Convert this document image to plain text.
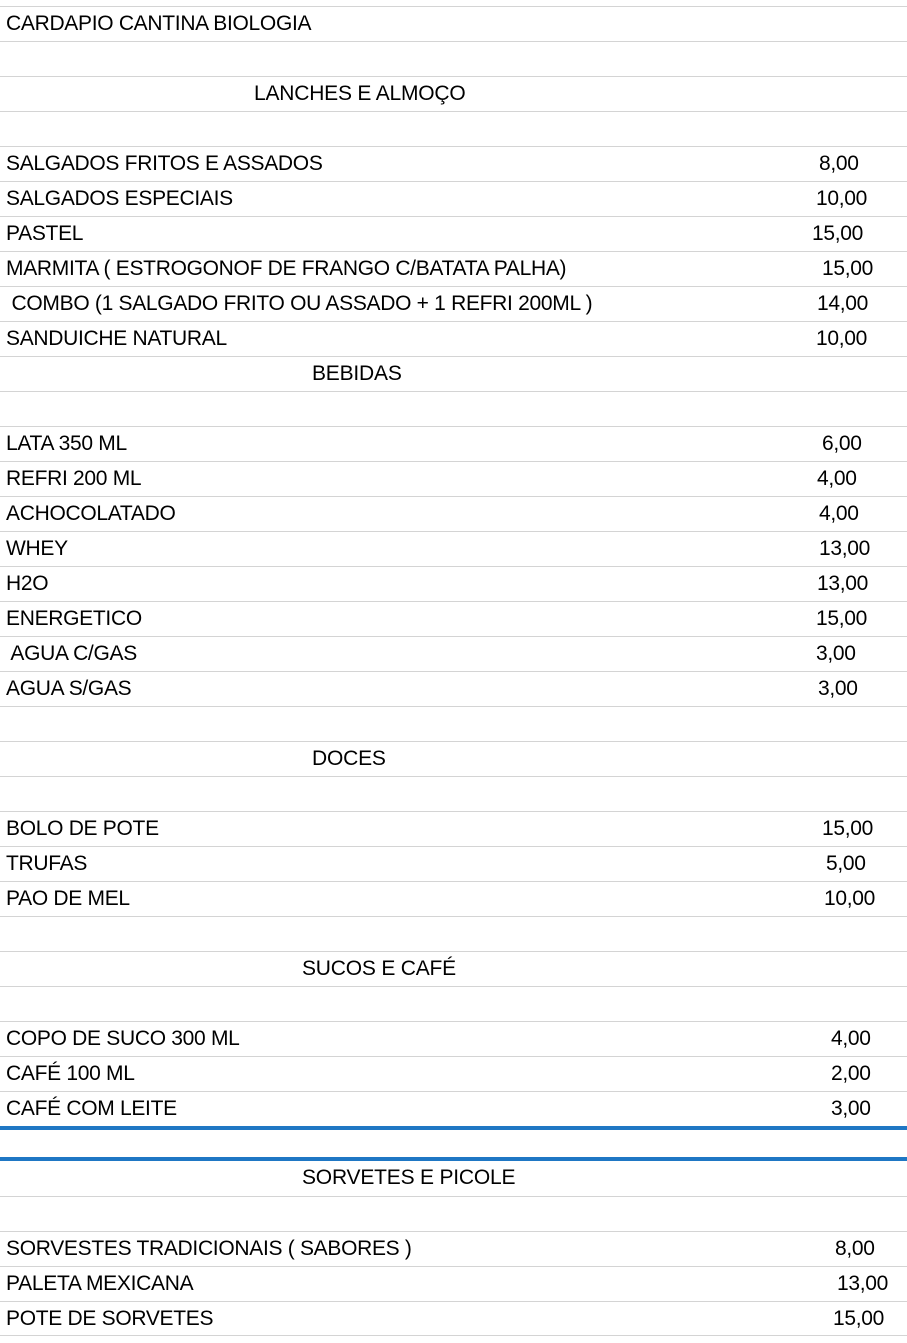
CARDAPIO CANTINA BIOLOGIA
LANCHES E ALMOÇO
SALGADOS FRITOS E ASSADOS	8,00
SALGADOS ESPECIAIS	10,00
PASTEL	15,00
MARMITA ( ESTROGONOF DE FRANGO C/BATATA PALHA)	15,00
COMBO (1 SALGADO FRITO OU ASSADO + 1 REFRI 200ML )	14,00
SANDUICHE NATURAL	10,00
BEBIDAS
LATA 350 ML	6,00
REFRI 200 ML	4,00
ACHOCOLATADO	4,00
WHEY	13,00
H2O	13,00
ENERGETICO	15,00
AGUA C/GAS	3,00
AGUA S/GAS	3,00
DOCES
BOLO DE POTE	15,00
TRUFAS	5,00
PAO DE MEL	10,00
SUCOS E CAFÉ
COPO DE SUCO 300 ML	4,00
CAFÉ 100 ML	2,00
CAFÉ COM LEITE	3,00
SORVETES E PICOLE
SORVESTES TRADICIONAIS ( SABORES )	8,00
PALETA MEXICANA	13,00
POTE DE SORVETES	15,00
